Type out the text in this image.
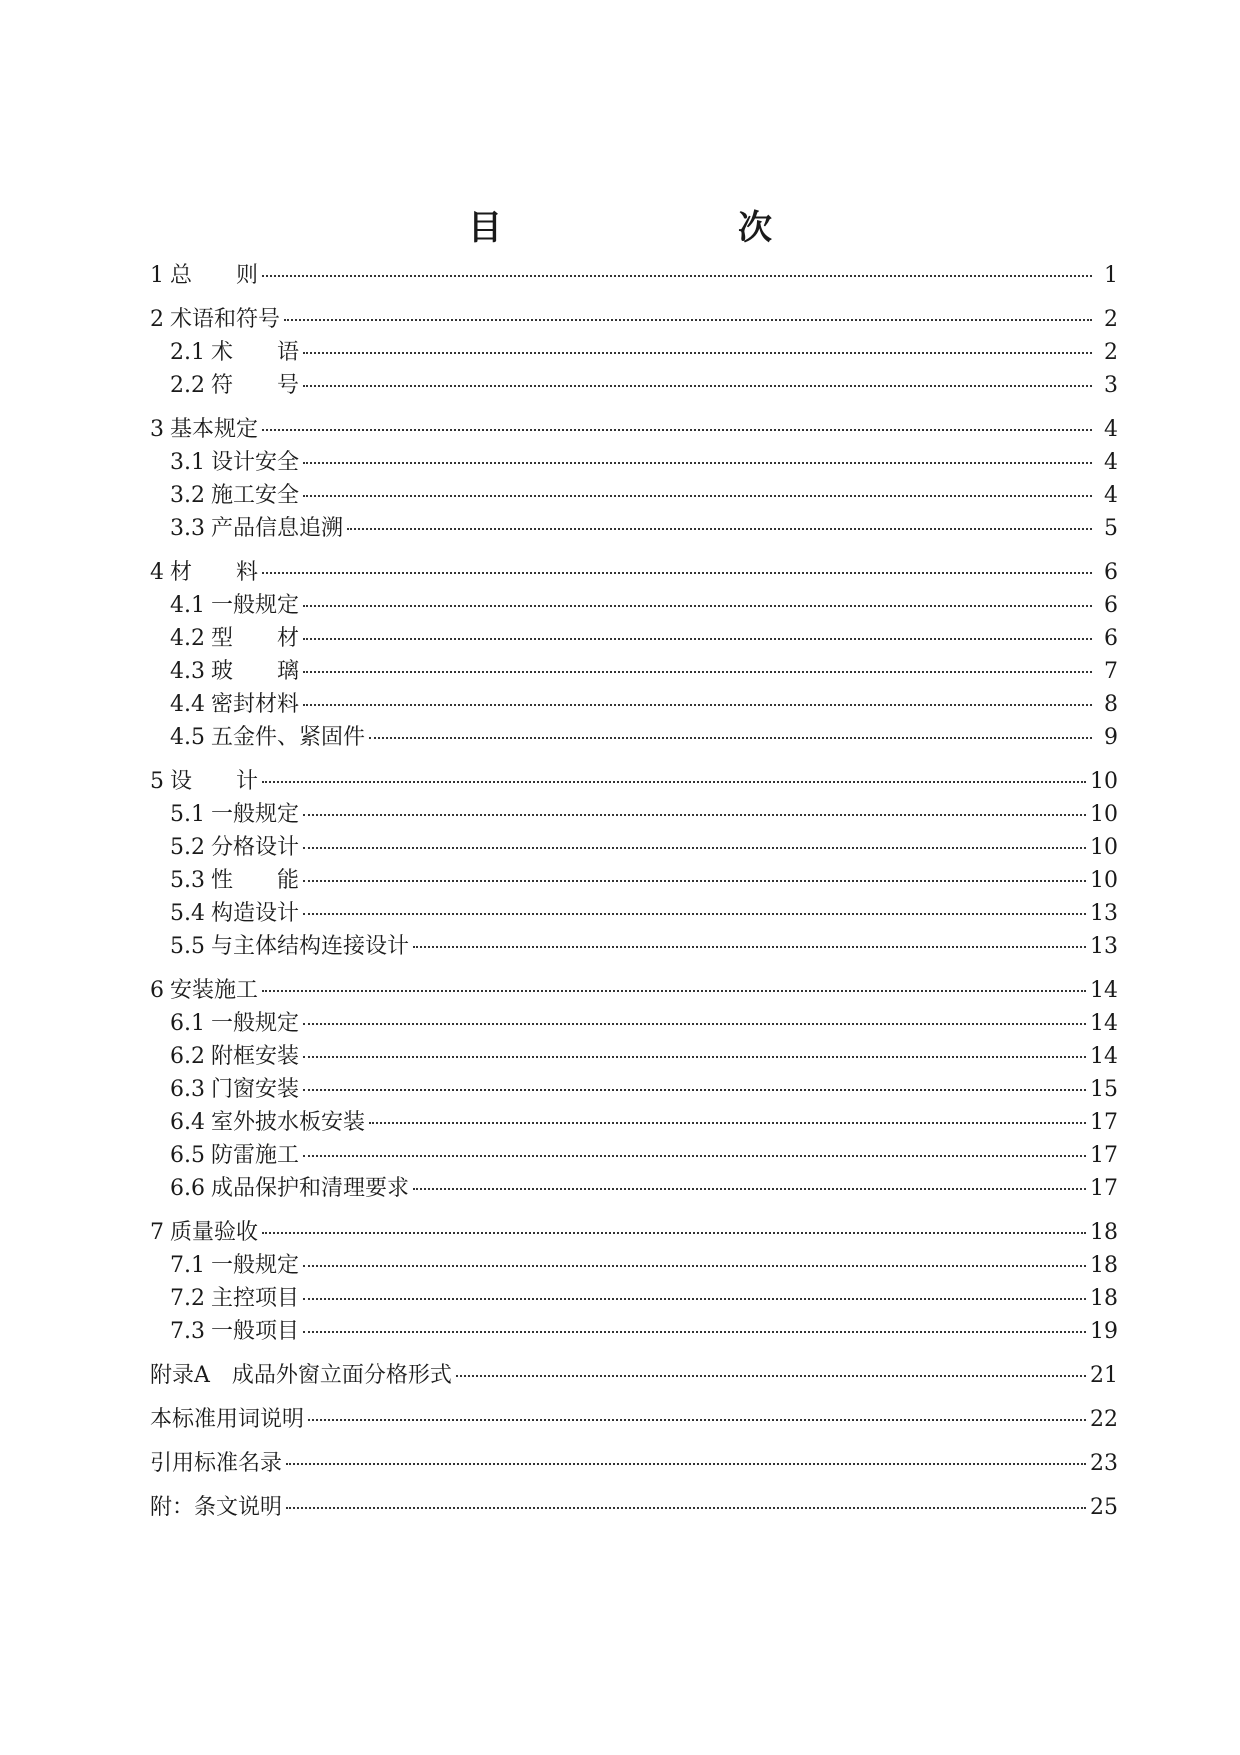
目　　次
1 总　　则	1
2 术语和符号	2
2.1 术　　语	2
2.2 符　　号	3
3 基本规定	4
3.1 设计安全	4
3.2 施工安全	4
3.3 产品信息追溯	5
4 材　　料	6
4.1 一般规定	6
4.2 型　　材	6
4.3 玻　　璃	7
4.4 密封材料	8
4.5 五金件、紧固件	9
5 设　　计	10
5.1 一般规定	10
5.2 分格设计	10
5.3 性　　能	10
5.4 构造设计	13
5.5 与主体结构连接设计	13
6 安装施工	14
6.1 一般规定	14
6.2 附框安装	14
6.3 门窗安装	15
6.4 室外披水板安装	17
6.5 防雷施工	17
6.6 成品保护和清理要求	17
7 质量验收	18
7.1 一般规定	18
7.2 主控项目	18
7.3 一般项目	19
附录A 成品外窗立面分格形式	21
本标准用词说明	22
引用标准名录	23
附：条文说明	25
